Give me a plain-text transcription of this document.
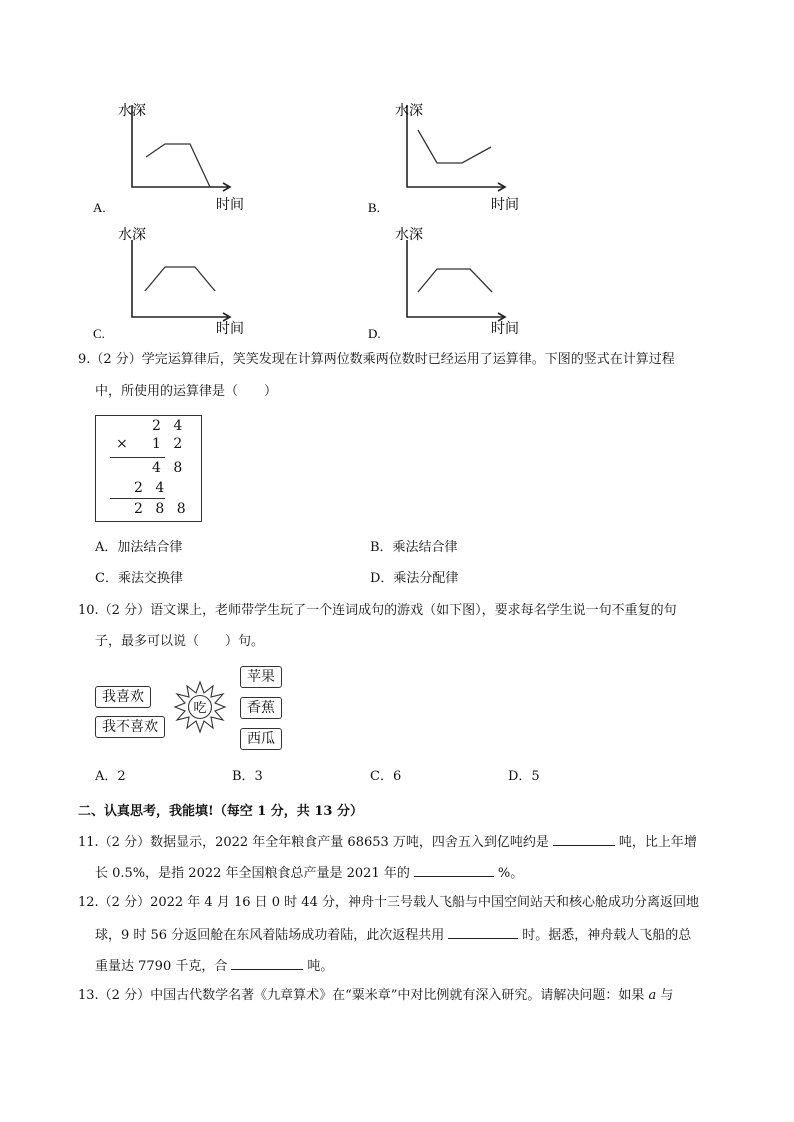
水深
时间
A.
水深
时间
B.
水深
时间
C.
水深
时间
D.
9.（2 分）学完运算律后，笑笑发现在计算两位数乘两位数时已经运用了运算律。下图的竖式在计算过程
中，所使用的运算律是（　　）
2 4
× 1 2
4 8
2 4
2 8 8
A．加法结合律	B．乘法结合律
C．乘法交换律	D．乘法分配律
10.（2 分）语文课上，老师带学生玩了一个连词成句的游戏（如下图），要求每名学生说一句不重复的句
子，最多可以说（　　）句。
我喜欢
我不喜欢
吃
苹果
香蕉
西瓜
A．2	B．3	C．6	D．5
二、认真思考，我能填!（每空 1 分，共 13 分）
11.（2 分）数据显示，2022 年全年粮食产量 68653 万吨，四舍五入到亿吨约是	吨，比上年增
长 0.5%，是指 2022 年全国粮食总产量是 2021 年的	%。
12.（2 分）2022 年 4 月 16 日 0 时 44 分，神舟十三号载人飞船与中国空间站天和核心舱成功分离返回地
球，9 时 56 分返回舱在东风着陆场成功着陆，此次返程共用	时。据悉，神舟载人飞船的总
重量达 7790 千克，合	吨。
13.（2 分）中国古代数学名著《九章算术》在“粟米章”中对比例就有深入研究。请解决问题：如果 a 与
